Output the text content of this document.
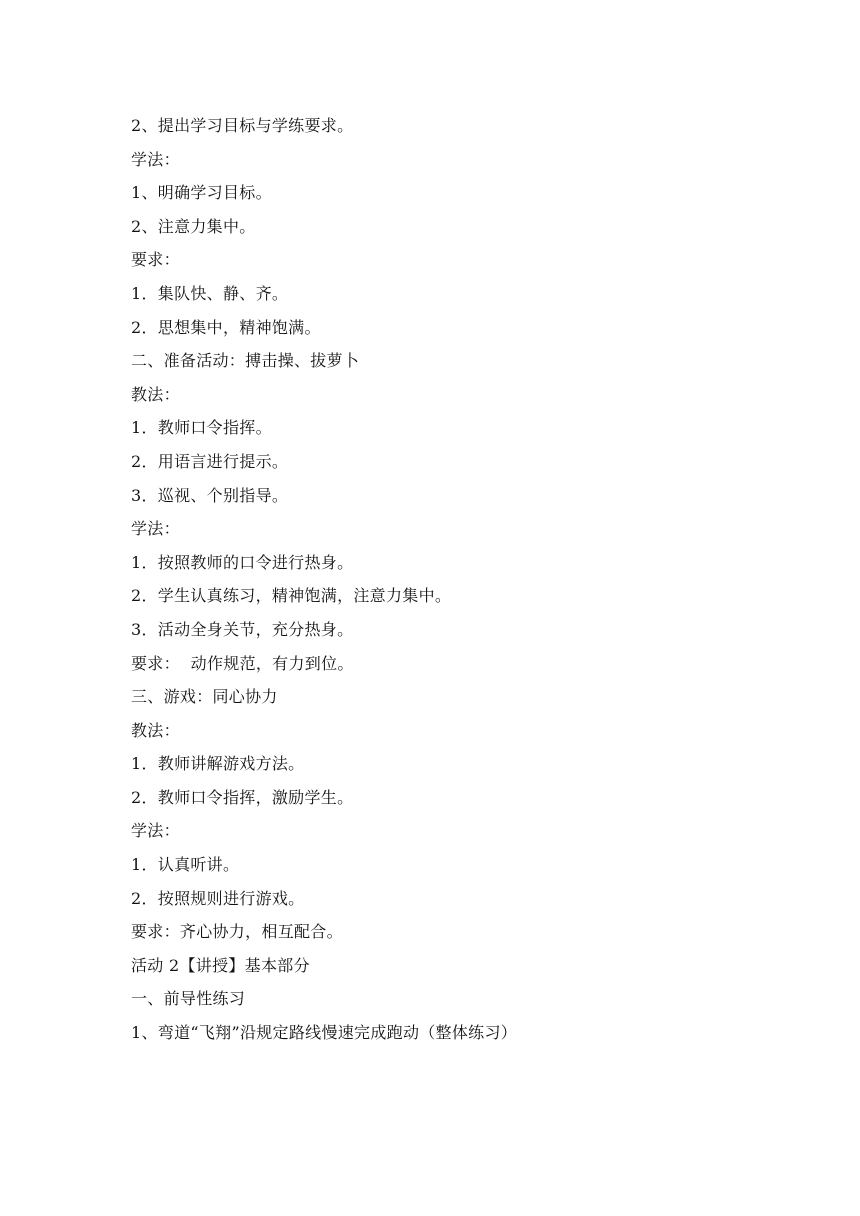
2、提出学习目标与学练要求。
学法：
1、明确学习目标。
2、注意力集中。
要求：
1．集队快、静、齐。
2．思想集中，精神饱满。
二、准备活动：搏击操、拔萝卜
教法：
1．教师口令指挥。
2．用语言进行提示。
3．巡视、个别指导。
学法：
1．按照教师的口令进行热身。
2．学生认真练习，精神饱满，注意力集中。
3．活动全身关节，充分热身。
要求：  动作规范，有力到位。
三、游戏：同心协力
教法：
1．教师讲解游戏方法。
2．教师口令指挥，激励学生。
学法：
1．认真听讲。
2．按照规则进行游戏。
要求：齐心协力，相互配合。
活动 2【讲授】基本部分
一、前导性练习
1、弯道“飞翔”沿规定路线慢速完成跑动（整体练习）
